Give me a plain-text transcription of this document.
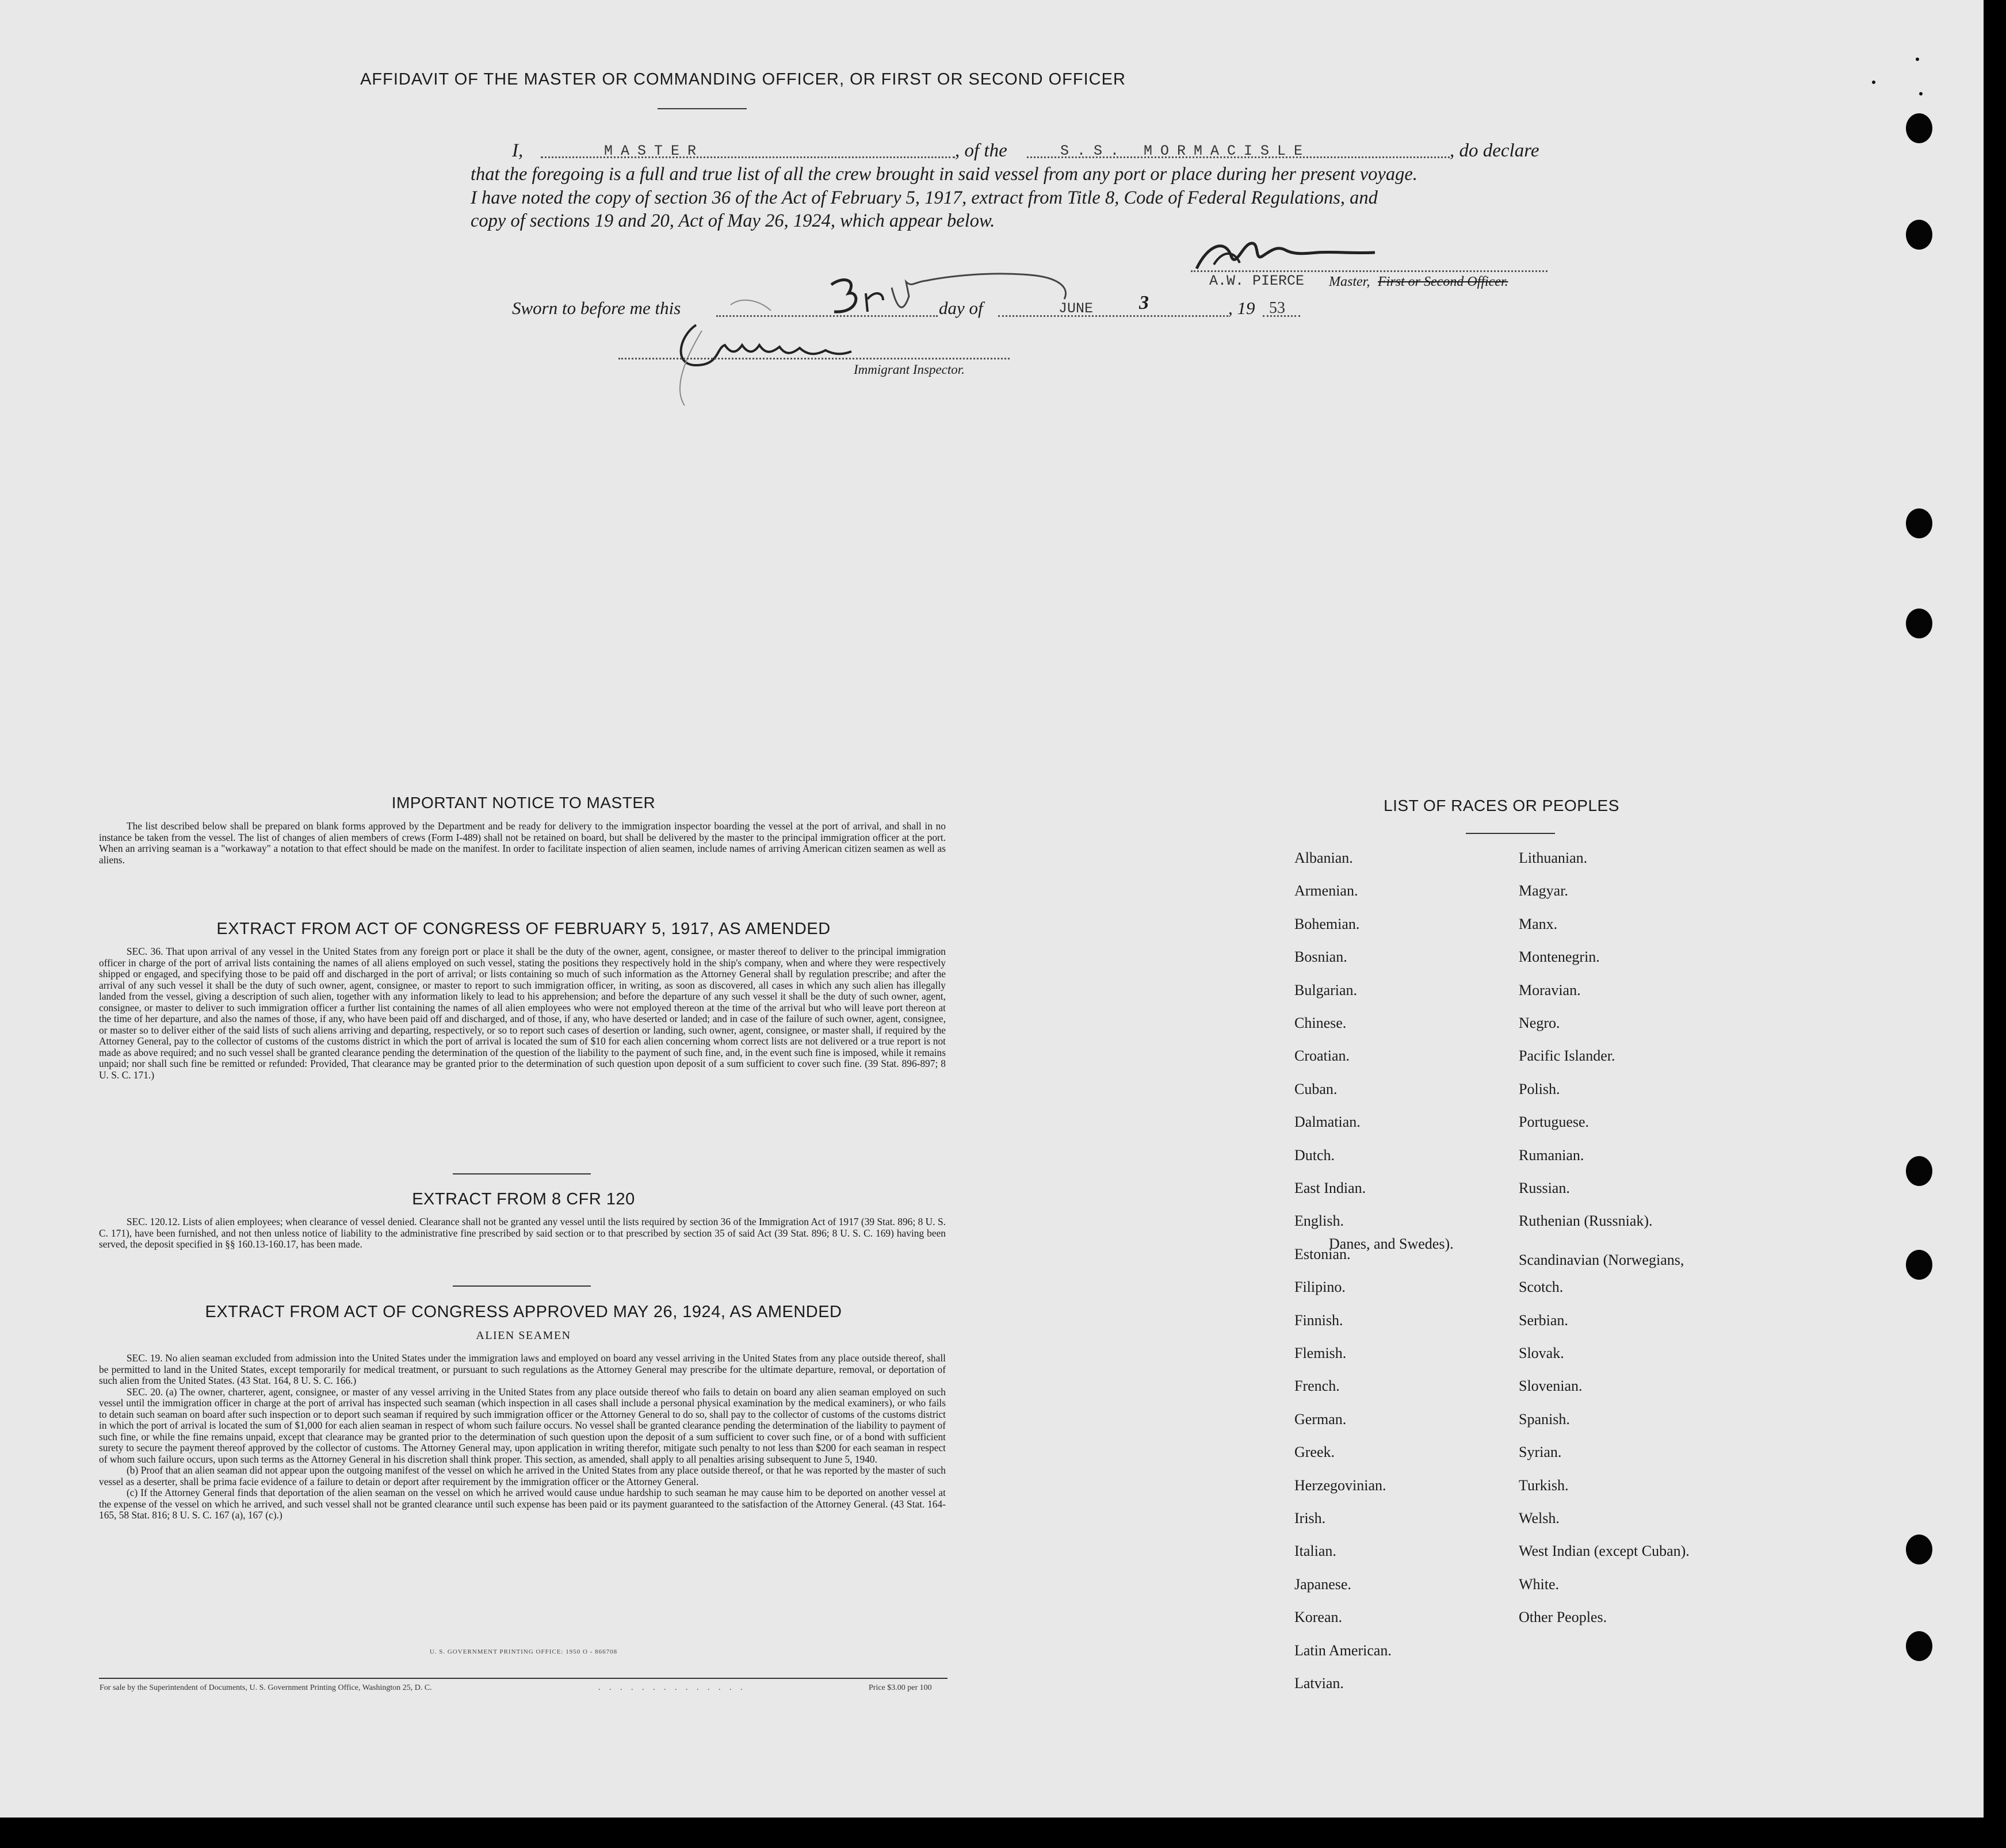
AFFIDAVIT OF THE MASTER OR COMMANDING OFFICER, OR FIRST OR SECOND OFFICER
I,	MASTER	, of the	S.S. MORMACISLE	, do declare
that the foregoing is a full and true list of all the crew brought in said vessel from any port or place during her present voyage.
I have noted the copy of section 36 of the Act of February 5, 1917, extract from Title 8, Code of Federal Regulations, and
copy of sections 19 and 20, Act of May 26, 1924, which appear below.
A.W. PIERCE Master, First or Second Officer.
Sworn to before me this	day of	JUNE 3	, 19 53
Immigrant Inspector.
IMPORTANT NOTICE TO MASTER

The list described below shall be prepared on blank forms approved by the Department and be ready for delivery to the immigration inspector boarding the vessel at the port of arrival, and shall in no instance be taken from the vessel. The list of changes of alien members of crews (Form I-489) shall not be retained on board, but shall be delivered by the master to the principal immigration officer at the port. When an arriving seaman is a "workaway" a notation to that effect should be made on the manifest. In order to facilitate inspection of alien seamen, include names of arriving American citizen seamen as well as aliens.

EXTRACT FROM ACT OF CONGRESS OF FEBRUARY 5, 1917, AS AMENDED

SEC. 36. That upon arrival of any vessel in the United States from any foreign port or place it shall be the duty of the owner, agent, consignee, or master thereof to deliver to the principal immigration officer in charge of the port of arrival lists containing the names of all aliens employed on such vessel, stating the positions they respectively hold in the ship's company, when and where they were respectively shipped or engaged, and specifying those to be paid off and discharged in the port of arrival; or lists containing so much of such information as the Attorney General shall by regulation prescribe; and after the arrival of any such vessel it shall be the duty of such owner, agent, consignee, or master to report to such immigration officer, in writing, as soon as discovered, all cases in which any such alien has illegally landed from the vessel, giving a description of such alien, together with any information likely to lead to his apprehension; and before the departure of any such vessel it shall be the duty of such owner, agent, consignee, or master to deliver to such immigration officer a further list containing the names of all alien employees who were not employed thereon at the time of the arrival but who will leave port thereon at the time of her departure, and also the names of those, if any, who have been paid off and discharged, and of those, if any, who have deserted or landed; and in case of the failure of such owner, agent, consignee, or master so to deliver either of the said lists of such aliens arriving and departing, respectively, or so to report such cases of desertion or landing, such owner, agent, consignee, or master shall, if required by the Attorney General, pay to the collector of customs of the customs district in which the port of arrival is located the sum of $10 for each alien concerning whom correct lists are not delivered or a true report is not made as above required; and no such vessel shall be granted clearance pending the determination of the question of the liability to the payment of such fine, and, in the event such fine is imposed, while it remains unpaid; nor shall such fine be remitted or refunded: Provided, That clearance may be granted prior to the determination of such question upon deposit of a sum sufficient to cover such fine. (39 Stat. 896-897; 8 U. S. C. 171.)

EXTRACT FROM 8 CFR 120

SEC. 120.12. Lists of alien employees; when clearance of vessel denied. Clearance shall not be granted any vessel until the lists required by section 36 of the Immigration Act of 1917 (39 Stat. 896; 8 U. S. C. 171), have been furnished, and not then unless notice of liability to the administrative fine prescribed by said section or to that prescribed by section 35 of said Act (39 Stat. 896; 8 U. S. C. 169) having been served, the deposit specified in §§ 160.13-160.17, has been made.

EXTRACT FROM ACT OF CONGRESS APPROVED MAY 26, 1924, AS AMENDED
ALIEN SEAMEN

SEC. 19. No alien seaman excluded from admission into the United States under the immigration laws and employed on board any vessel arriving in the United States from any place outside thereof, shall be permitted to land in the United States, except temporarily for medical treatment, or pursuant to such regulations as the Attorney General may prescribe for the ultimate departure, removal, or deportation of such alien from the United States. (43 Stat. 164, 8 U. S. C. 166.)

SEC. 20. (a) The owner, charterer, agent, consignee, or master of any vessel arriving in the United States from any place outside thereof who fails to detain on board any alien seaman employed on such vessel until the immigration officer in charge at the port of arrival has inspected such seaman (which inspection in all cases shall include a personal physical examination by the medical examiners), or who fails to detain such seaman on board after such inspection or to deport such seaman if required by such immigration officer or the Attorney General to do so, shall pay to the collector of customs of the customs district in which the port of arrival is located the sum of $1,000 for each alien seaman in respect of whom such failure occurs. No vessel shall be granted clearance pending the determination of the liability to payment of such fine, or while the fine remains unpaid, except that clearance may be granted prior to the determination of such question upon the deposit of a sum sufficient to cover such fine, or of a bond with sufficient surety to secure the payment thereof approved by the collector of customs. The Attorney General may, upon application in writing therefor, mitigate such penalty to not less than $200 for each seaman in respect of whom such failure occurs, upon such terms as the Attorney General in his discretion shall think proper. This section, as amended, shall apply to all penalties arising subsequent to June 5, 1940.

(b) Proof that an alien seaman did not appear upon the outgoing manifest of the vessel on which he arrived in the United States from any place outside thereof, or that he was reported by the master of such vessel as a deserter, shall be prima facie evidence of a failure to detain or deport after requirement by the immigration officer or the Attorney General.

(c) If the Attorney General finds that deportation of the alien seaman on the vessel on which he arrived would cause undue hardship to such seaman he may cause him to be deported on another vessel at the expense of the vessel on which he arrived, and such vessel shall not be granted clearance until such expense has been paid or its payment guaranteed to the satisfaction of the Attorney General. (43 Stat. 164-165, 58 Stat. 816; 8 U. S. C. 167 (a), 167 (c).)

U. S. GOVERNMENT PRINTING OFFICE: 1950 O - 866708
For sale by the Superintendent of Documents, U. S. Government Printing Office, Washington 25, D. C.	. . . . . . . . . . . . . .	Price $3.00 per 100
LIST OF RACES OR PEOPLES
Albanian.
Armenian.
Bohemian.
Bosnian.
Bulgarian.
Chinese.
Croatian.
Cuban.
Dalmatian.
Dutch.
East Indian.
English.
Estonian.
Filipino.
Finnish.
Flemish.
French.
German.
Greek.
Herzegovinian.
Irish.
Italian.
Japanese.
Korean.
Latin American.
Latvian.
Lithuanian.
Magyar.
Manx.
Montenegrin.
Moravian.
Negro.
Pacific Islander.
Polish.
Portuguese.
Rumanian.
Russian.
Ruthenian (Russniak).
Scandinavian (Norwegians,
Danes, and Swedes).
Scotch.
Serbian.
Slovak.
Slovenian.
Spanish.
Syrian.
Turkish.
Welsh.
West Indian (except Cuban).
White.
Other Peoples.
